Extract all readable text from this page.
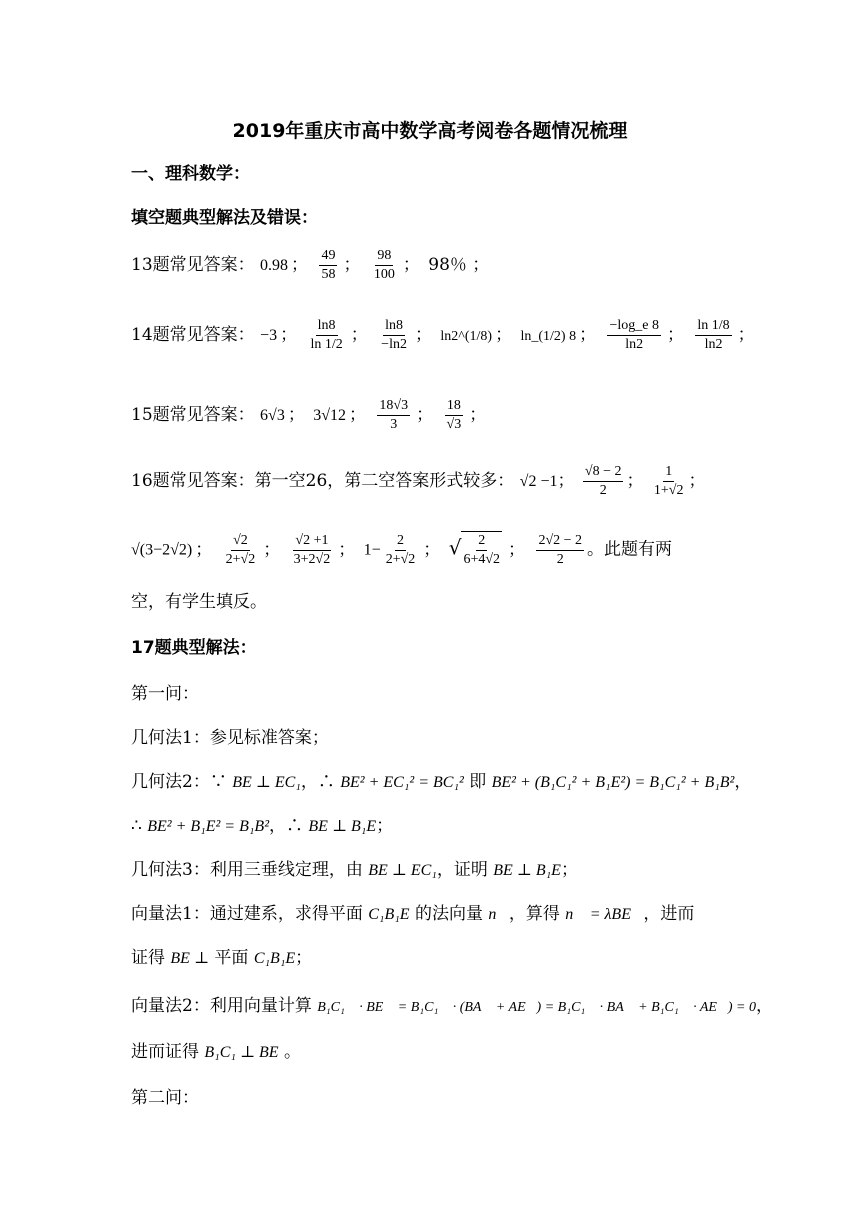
2019年重庆市高中数学高考阅卷各题情况梳理
一、理科数学：
填空题典型解法及错误：
13题常见答案： 0.98 ； $\frac{49}{58}$ ； $\frac{98}{100}$ ； 98％ ；
14题常见答案： −3 ； $\frac{\ln 8}{\ln 1/2}$ ； $\frac{\ln 8}{-\ln 2}$ ； ln2^(1/8) ； ln_(1/2) 8 ； $\frac{-\log\_e 8}{\ln 2}$ ； $\frac{\ln 1/8}{\ln 2}$ ；
15题常见答案： 6√3 ； 3√12 ； $\frac{18√3}{3}$ ； $\frac{18}{√3}$ ；
16题常见答案：第一空26，第二空答案形式较多： √2 −1； $\frac{√8 - 2}{2}$ ； $\frac{1}{1+√2}$ ；
√(3−2√2) ； $\frac{√2}{2+√2}$ ； $\frac{√2 +1}{3+2√2}$ ； $1- \frac{2}{2+√2}$ ； √ $\frac{2}{6+4√2}$ ； $\frac{2√2 - 2}{2}$ 。此题有两
空，有学生填反。
17题典型解法：
第一问：
几何法1：参见标准答案；
几何法2：∵ BE ⊥ EC₁，∴ BE² + EC₁² = BC₁² 即 BE² + (B₁C₁² + B₁E²) = B₁C₁² + B₁B²，
∴ BE² + B₁E² = B₁B²，∴ BE ⊥ B₁E；
几何法3：利用三垂线定理，由 BE ⊥ EC₁，证明 BE ⊥ B₁E；
向量法1：通过建系，求得平面 C₁B₁E 的法向量 n⃗，算得 n⃗ = λBE⃗，进而
证得 BE ⊥ 平面 C₁B₁E；
向量法2：利用向量计算 B₁C₁⃗ · BE⃗ = B₁C₁⃗ · (BA⃗ + AE⃗) = B₁C₁⃗ · BA⃗ + B₁C₁⃗ · AE⃗) = 0，
进而证得 B₁C₁ ⊥ BE 。
第二问：
